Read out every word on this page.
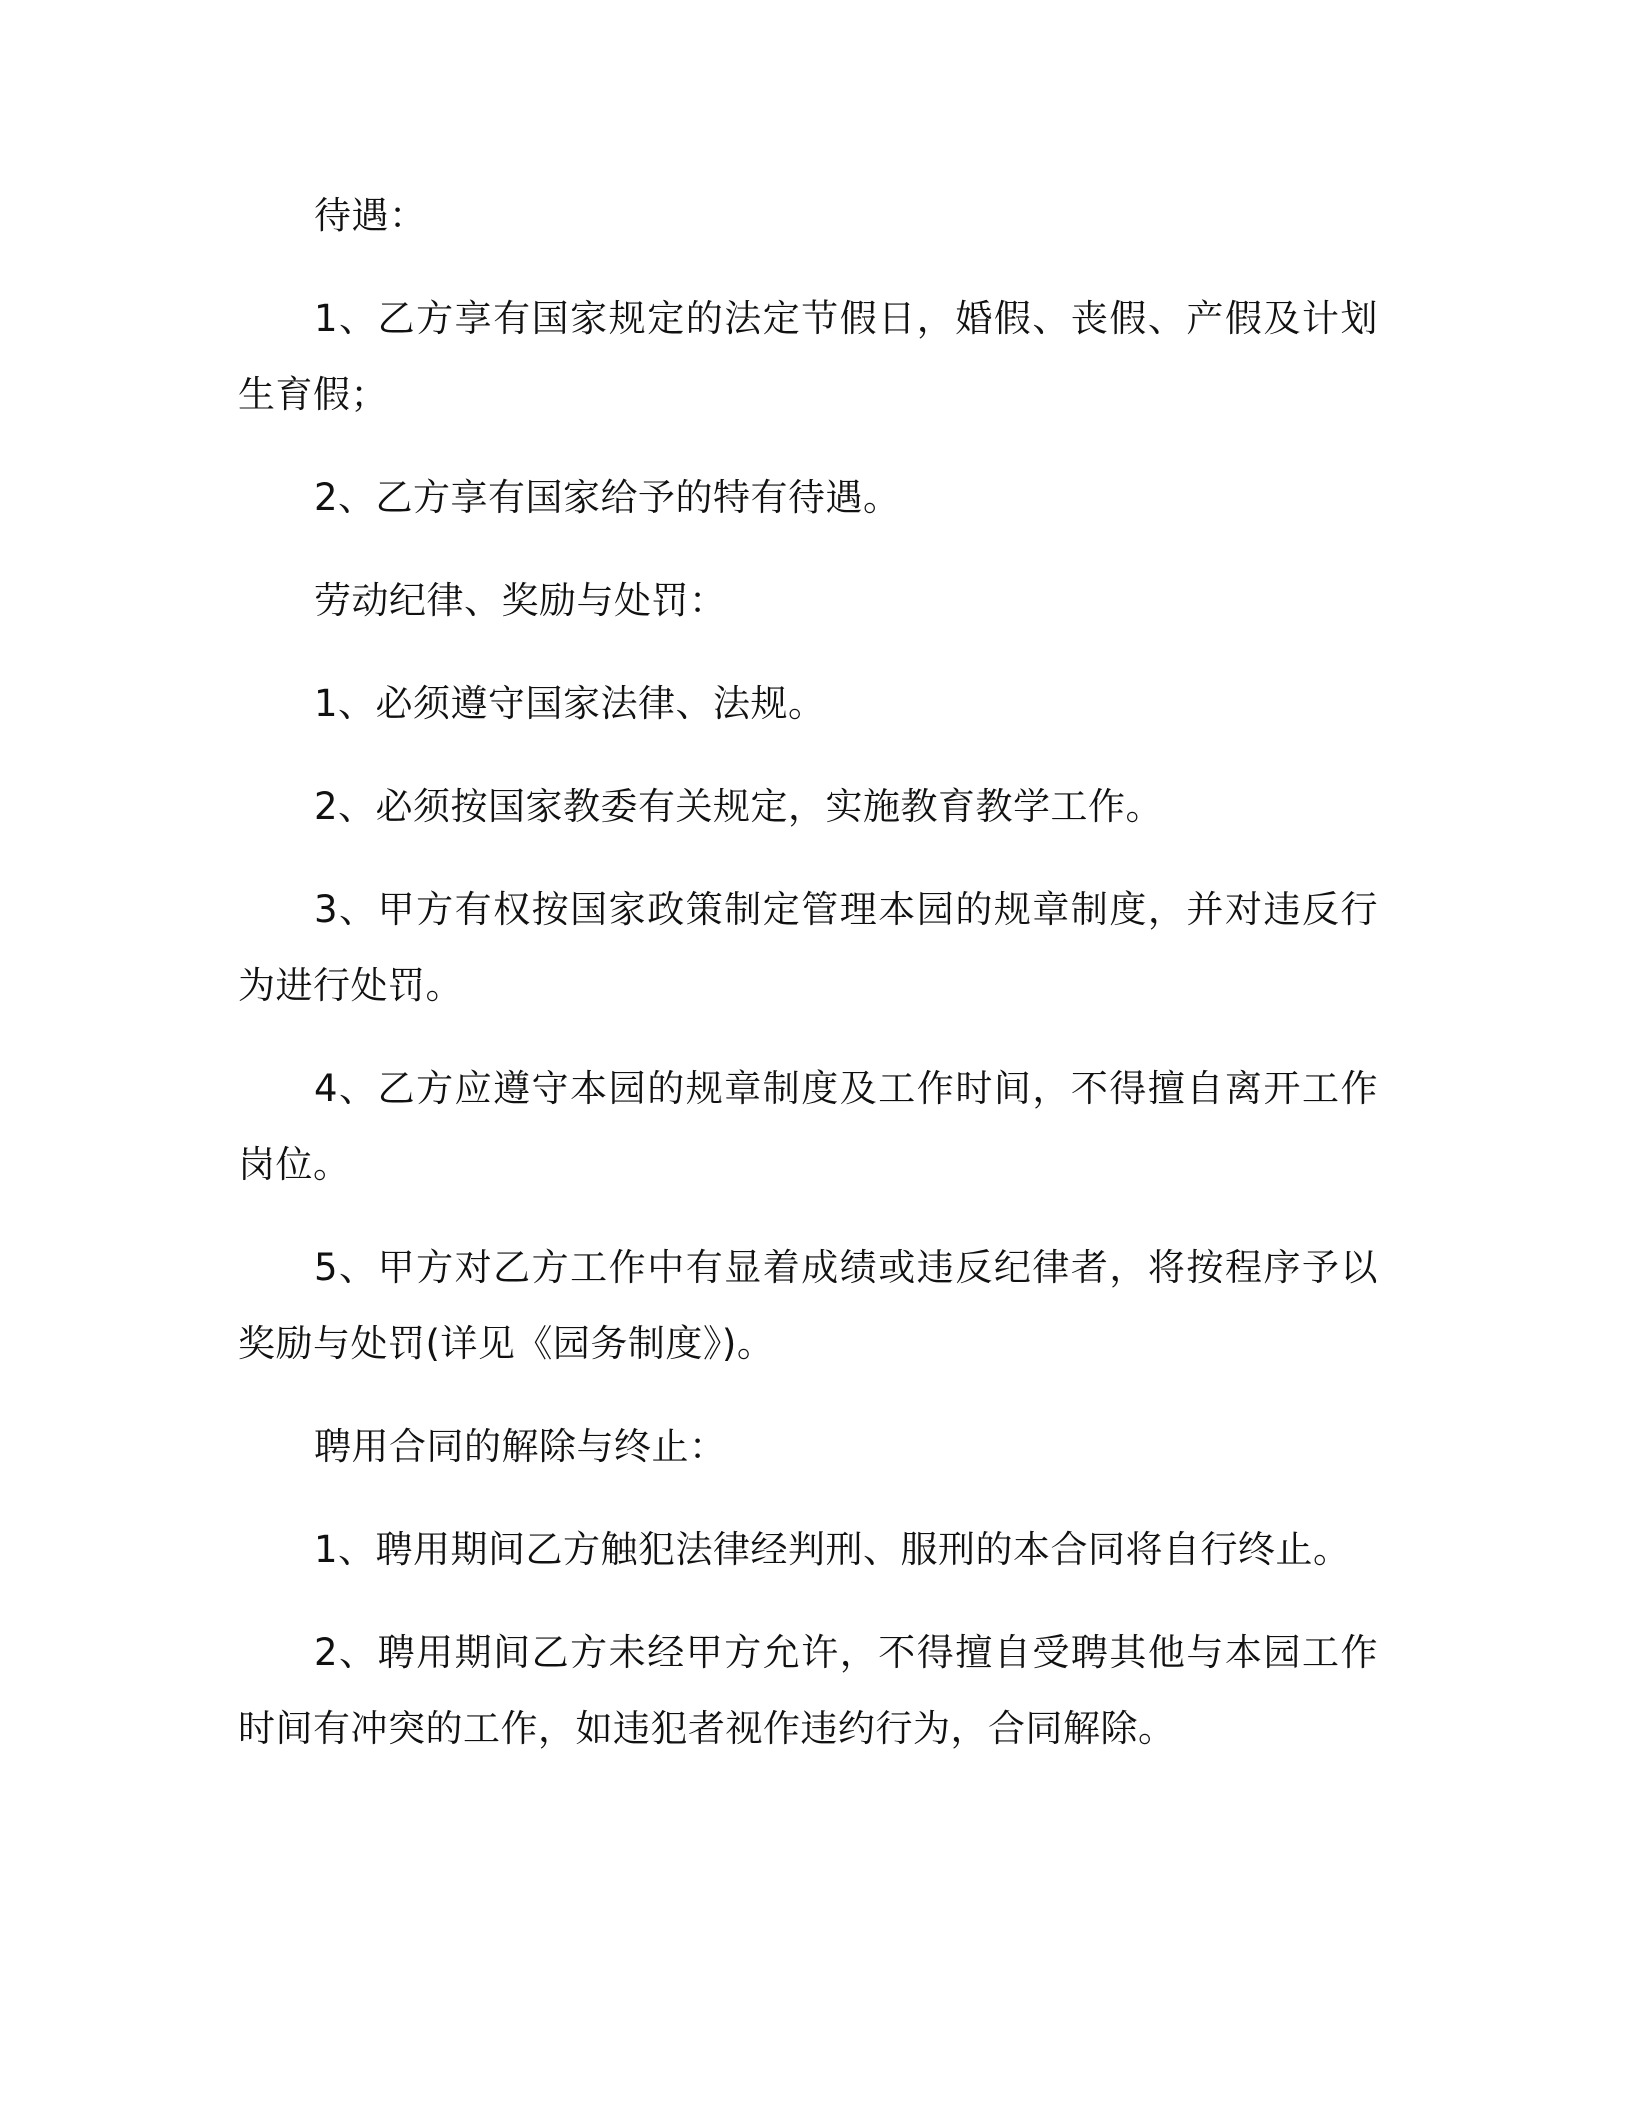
待遇：

1、乙方享有国家规定的法定节假日，婚假、丧假、产假及计划生育假；

2、乙方享有国家给予的特有待遇。

劳动纪律、奖励与处罚：

1、必须遵守国家法律、法规。

2、必须按国家教委有关规定，实施教育教学工作。

3、甲方有权按国家政策制定管理本园的规章制度，并对违反行为进行处罚。

4、乙方应遵守本园的规章制度及工作时间，不得擅自离开工作岗位。

5、甲方对乙方工作中有显着成绩或违反纪律者，将按程序予以奖励与处罚(详见《园务制度》)。

聘用合同的解除与终止：

1、聘用期间乙方触犯法律经判刑、服刑的本合同将自行终止。

2、聘用期间乙方未经甲方允许，不得擅自受聘其他与本园工作时间有冲突的工作，如违犯者视作违约行为，合同解除。
